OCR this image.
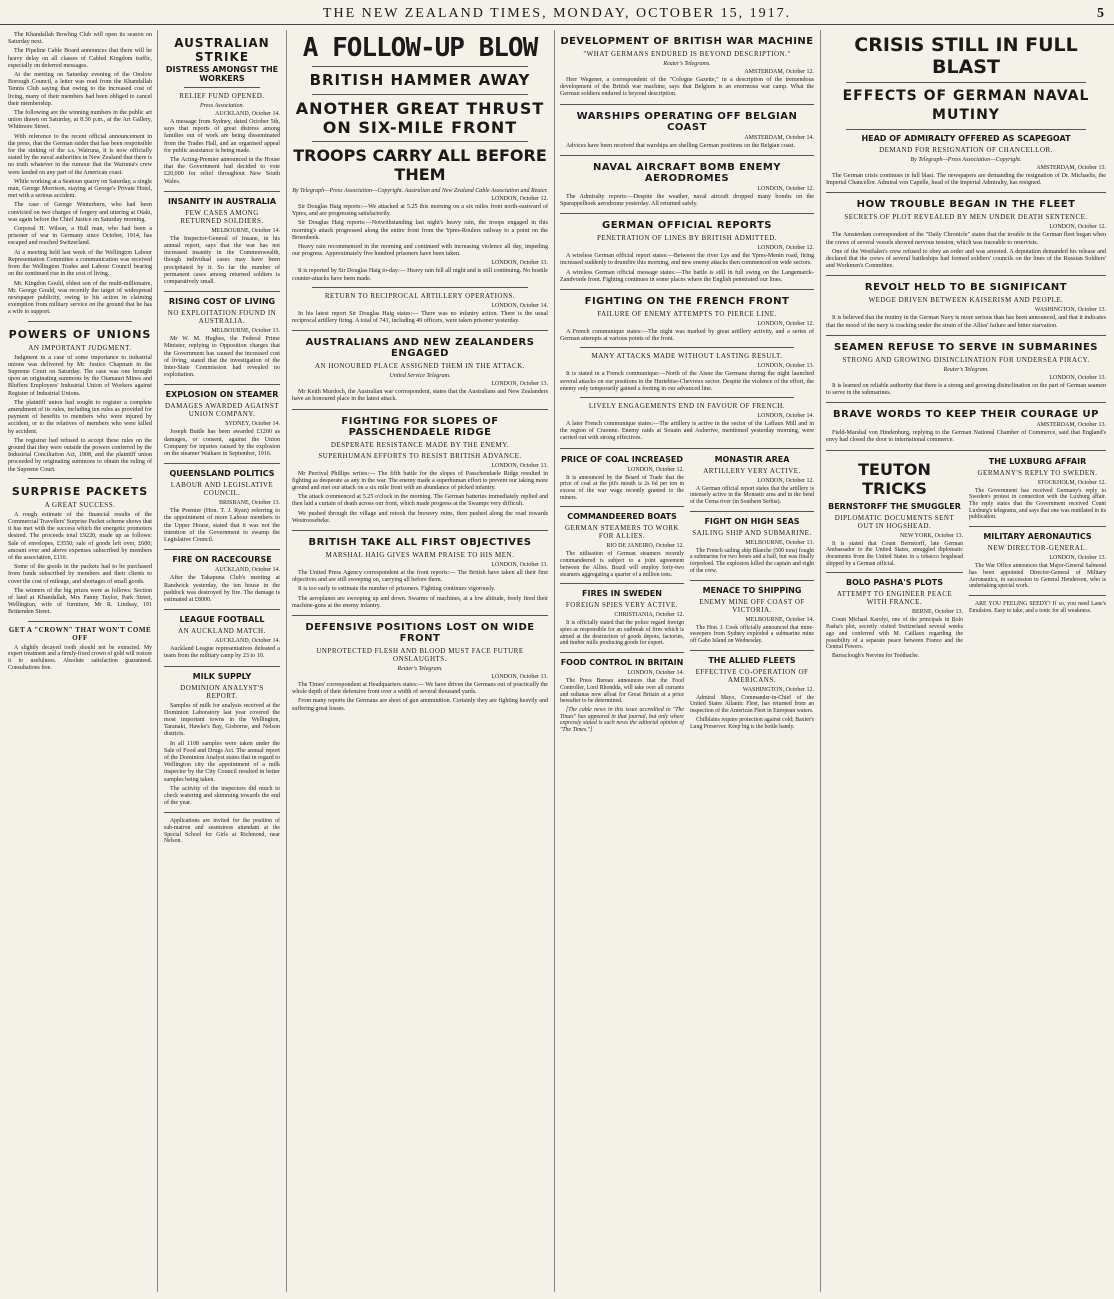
THE NEW ZEALAND TIMES, MONDAY, OCTOBER 15, 1917.	5

The Khandallah Bowling Club will open its season on Saturday next.

The Pipeline Cable Board announces that there will be heavy delay on all classes of Cabled Kingdom traffic, especially on deferred messages.

At the meeting on Saturday evening of the Onslow Borough Council, a letter was read from the Khandallah Tennis Club saying that owing to the increased cost of living, many of their members had been obliged to cancel their membership.

The following are the winning numbers in the public art union drawn on Saturday, at 8.30 p.m., at the Art Gallery, Whitmore Street.

With reference to the recent official announcement in the press, that the German raider that has been responsible for the sinking of the s.s. Wairuna, it is now officially stated by the naval authorities in New Zealand that there is no truth whatever in the rumour that the Wairuna's crew were landed on any part of the American coast.

While working at a Seatoun quarry on Saturday, a single man, George Morrison, staying at George's Private Hotel, met with a serious accident.

The case of George Winterburn, who had been convicted on two charges of forgery and uttering at Otaki, was again before the Chief Justice on Saturday morning.

Corporal H. Wilson, a Hull man, who had been a prisoner of war in Germany since October, 1914, has escaped and reached Switzerland.

At a meeting held last week of the Wellington Labour Representation Committee a communication was received from the Wellington Trades and Labour Council bearing on the continued rise in the cost of living.

Mr. Kingdon Gould, eldest son of the multi-millionaire, Mr. George Gould, was recently the target of widespread newspaper publicity, owing to his action in claiming exemption from military service on the ground that he has a wife to support.

POWERS OF UNIONS
AN IMPORTANT JUDGMENT.

Judgment in a case of some importance to industrial unions was delivered by Mr. Justice Chapman in the Supreme Court on Saturday. The case was one brought upon an originating summons by the Otamauri Mines and Bluffers Employees' Industrial Union of Workers against Register of Industrial Unions.

The plaintiff union had sought to register a complete amendment of its rules, including ten rules as provided for payment of benefits to members who were injured by accident, or to the relatives of members who were killed by accident.

The registrar had refused to accept these rules on the ground that they were outside the powers conferred by the Industrial Conciliation Act, 1908, and the plaintiff union proceeded by originating summons to obtain the ruling of the Supreme Court.

SURPRISE PACKETS
A GREAT SUCCESS.

A rough estimate of the financial results of the Commercial Travellers' Surprise Packet scheme shows that it has met with the success which the energetic promoters desired. The proceeds total £9220, made up as follows: Sale of envelopes, £3550; sale of goods left over, £600; amount over and above expenses subscribed by members of the association, £110.

Some of the goods in the packets had to be purchased from funds subscribed by members and their clients to cover the cost of mileage, and shortages of small goods.

The winners of the big prizes were as follows: Section of land at Khandallah, Mrs Fanny Taylor, Park Street, Wellington, wife of furniture, Mr R. Lindsay, 191 Brittenden Street.

GET A "CROWN" THAT WON'T COME OFF

A slightly decayed tooth should not be extracted. My expert treatment and a firmly-fixed crown of gold will restore it to usefulness. Absolute satisfaction guaranteed. Consultations free.

AUSTRALIAN STRIKE
DISTRESS AMONGST THE WORKERS
RELIEF FUND OPENED.
Press Association.
AUCKLAND, October 14.

A message from Sydney, dated October 5th, says that reports of great distress among families out of work are being disseminated from the Trades Hall, and an organised appeal for public assistance is being made.

The Acting-Premier announced in the House that the Government had decided to vote £20,000 for relief throughout New South Wales.

INSANITY IN AUSTRALIA
FEW CASES AMONG RETURNED SOLDIERS.
MELBOURNE, October 14.

The Inspector-General of Insane, in his annual report, says that the war has not increased insanity in the Commonwealth, though individual cases may have been precipitated by it. So far the number of permanent cases among returned soldiers is comparatively small.

RISING COST OF LIVING
NO EXPLOITATION FOUND IN AUSTRALIA.
MELBOURNE, October 13.

Mr W. M. Hughes, the Federal Prime Minister, replying to Opposition charges that the Government has caused the increased cost of living, stated that the investigation of the Inter-State Commission had revealed no exploitation.

EXPLOSION ON STEAMER
DAMAGES AWARDED AGAINST UNION COMPANY.
SYDNEY, October 14.

Joseph Buttle has been awarded £1200 as damages, or consent, against the Union Company for injuries caused by the explosion on the steamer Waikare in September, 1916.

QUEENSLAND POLITICS
LABOUR AND LEGISLATIVE COUNCIL.
BRISBANE, October 13.

The Premier (Hon. T. J. Ryan) referring to the appointment of more Labour members to the Upper House, stated that it was not the intention of the Government to swamp the Legislative Council.

FIRE ON RACECOURSE
AUCKLAND, October 14.

After the Takapuna Club's meeting at Randwick yesterday, the ten house in the paddock was destroyed by fire. The damage is estimated at £8000.

LEAGUE FOOTBALL
AN AUCKLAND MATCH.
AUCKLAND, October 14.

Auckland League representatives defeated a team from the military camp by 23 to 10.

MILK SUPPLY
DOMINION ANALYST'S REPORT.

Samples of milk for analysis received at the Dominion Laboratory last year covered the most important towns in the Wellington, Taranaki, Hawke's Bay, Gisborne, and Nelson districts.

In all 1108 samples were taken under the Sale of Food and Drugs Act. The annual report of the Dominion Analyst states that in regard to Wellington city the appointment of a milk inspector by the City Council resulted in better samples being taken.

The activity of the inspectors did much to check watering and skimming towards the end of the year.

Applications are invited for the position of sub-matron and seamstress attendant at the Special School for Girls at Richmond, near Nelson.

A FOLLOW-UP BLOW
BRITISH HAMMER AWAY
ANOTHER GREAT THRUST ON SIX-MILE FRONT
TROOPS CARRY ALL BEFORE THEM
By Telegraph—Press Association—Copyright. Australian and New Zealand Cable Association and Reuter.
LONDON, October 12.

Sir Douglas Haig reports:—We attacked at 5.25 this morning on a six miles front north-eastward of Ypres, and are progressing satisfactorily.

Sir Douglas Haig reports:—Notwithstanding last night's heavy rain, the troops engaged in this morning's attack progressed along the entire front from the Ypres-Roulers railway to a point on the Broenbeek.

Heavy rain recommenced in the morning and continued with increasing violence all day, impeding our progress. Approximately five hundred prisoners have been taken.

LONDON, October 13.

It is reported by Sir Douglas Haig to-day:— Heavy rain fell all night and is still continuing. No hostile counter-attacks have been made.

RETURN TO RECIPROCAL ARTILLERY OPERATIONS.
LONDON, October 14.

In his latest report Sir Douglas Haig states:— There was no infantry action. There is the usual reciprocal artillery firing. A total of 741, including 49 officers, were taken prisoner yesterday.

AUSTRALIANS AND NEW ZEALANDERS ENGAGED
AN HONOURED PLACE ASSIGNED THEM IN THE ATTACK.
United Service Telegram.
LONDON, October 13.

Mr Keith Murdoch, the Australian war correspondent, states that the Australians and New Zealanders have an honoured place in the latest attack.

FIGHTING FOR SLOPES OF PASSCHENDAELE RIDGE
DESPERATE RESISTANCE MADE BY THE ENEMY.
SUPERHUMAN EFFORTS TO RESIST BRITISH ADVANCE.
LONDON, October 13.

Mr Percival Phillips writes:— The fifth battle for the slopes of Passchendaele Ridge resulted in fighting as desperate as any in the war. The enemy made a superhuman effort to prevent our taking more ground and met our attack on a six mile front with an abundance of picked infantry.

The attack commenced at 5.25 o'clock in the morning. The German batteries immediately replied and then laid a curtain of death across our front, which made progress at the Swamps very difficult.

We pushed through the village and retook the brewery ruins, then pushed along the road towards Westroosebeke.

BRITISH TAKE ALL FIRST OBJECTIVES
MARSHAL HAIG GIVES WARM PRAISE TO HIS MEN.
LONDON, October 13.

The United Press Agency correspondent at the front reports:— The British have taken all their first objectives and are still sweeping on, carrying all before them.

It is too early to estimate the number of prisoners. Fighting continues vigorously.

The aeroplanes are swooping up and down. Swarms of machines, at a low altitude, freely fired their machine-guns at the enemy infantry.

DEFENSIVE POSITIONS LOST ON WIDE FRONT
UNPROTECTED FLESH AND BLOOD MUST FACE FUTURE ONSLAUGHTS.
Reuter's Telegram.
LONDON, October 13.

The Times' correspondent at Headquarters states:— We have driven the Germans out of practically the whole depth of their defensive front over a width of several thousand yards.

From many reports the Germans are short of gun ammunition. Certainly they are fighting heavily and suffering great losses.

DEVELOPMENT OF BRITISH WAR MACHINE
"WHAT GERMANS ENDURED IS BEYOND DESCRIPTION."
Reuter's Telegrams.
AMSTERDAM, October 12.

Herr Wegener, a correspondent of the "Cologne Gazette," in a description of the tremendous development of the British war machine, says that Belgium is an enormous war camp. What the German soldiers endured is beyond description.

WARSHIPS OPERATING OFF BELGIAN COAST
AMSTERDAM, October 14.

Advices have been received that warships are shelling German positions on the Belgian coast.

NAVAL AIRCRAFT BOMB ENEMY AERODROMES
LONDON, October 12.

The Admiralty reports:—Despite the weather, naval aircraft dropped many bombs on the Sparappelhoek aerodrome yesterday. All returned safely.

GERMAN OFFICIAL REPORTS
PENETRATION OF LINES BY BRITISH ADMITTED.
LONDON, October 12.

A wireless German official report states:—Between the river Lys and the Ypres-Menin road, firing increased suddenly to drumfire this morning, and new enemy attacks then commenced on wide sectors.

A wireless German official message states:—The battle is still in full swing on the Langemarck-Zandvorde front. Fighting continues in some places where the English penetrated our lines.

FIGHTING ON THE FRENCH FRONT
FAILURE OF ENEMY ATTEMPTS TO PIERCE LINE.
LONDON, October 12.

A French communique states:—The night was marked by great artillery activity, and a series of German attempts at various points of the front.

MANY ATTACKS MADE WITHOUT LASTING RESULT.
LONDON, October 13.

It is stated in a French communique:—North of the Aisne the Germans during the night launched several attacks on our positions in the Hurtebise-Chevreux sector. Despite the violence of the effort, the enemy only temporarily gained a footing in our advanced line.

LIVELY ENGAGEMENTS END IN FAVOUR OF FRENCH.
LONDON, October 14.

A later French communique states:—The artillery is active in the sector of the Laffaux Mill and in the region of Craonne. Enemy raids at Souain and Auberive, mentioned yesterday morning, were carried out with strong effectives.

PRICE OF COAL INCREASED
LONDON, October 12.

It is announced by the Board of Trade that the price of coal at the pit's mouth is 2s 6d per ton in excess of the war wage recently granted to the miners.

COMMANDEERED BOATS
GERMAN STEAMERS TO WORK FOR ALLIES.
RIO DE JANEIRO, October 12.

The utilisation of German steamers recently commandeered is subject to a joint agreement between the Allies. Brazil will employ forty-two steamers aggregating a quarter of a million tons.

FIRES IN SWEDEN
FOREIGN SPIES VERY ACTIVE.
CHRISTIANIA, October 12.

It is officially stated that the police regard foreign spies as responsible for an outbreak of fires which is aimed at the destruction of goods depots, factories, and timber mills producing goods for export.

FOOD CONTROL IN BRITAIN
LONDON, October 14.

The Press Bureau announces that the Food Controller, Lord Rhondda, will take over all currants and sultanas now afloat for Great Britain at a price hereafter to be determined.

[The cable news in this issue accredited to "The Times" has appeared in that journal, but only where expressly stated is such news the editorial opinion of "The Times."]

MONASTIR AREA
ARTILLERY VERY ACTIVE.
LONDON, October 12.

A German official report states that the artillery is intensely active in the Monastir area and in the bend of the Cerna river (in Southern Serbia).

FIGHT ON HIGH SEAS
SAILING SHIP AND SUBMARINE.
MELBOURNE, October 13.

The French sailing ship Blanche (500 tons) fought a submarine for two hours and a half, but was finally torpedoed. The explosion killed the captain and eight of the crew.

MENACE TO SHIPPING
ENEMY MINE OFF COAST OF VICTORIA.
MELBOURNE, October 14.

The Hon. J. Cook officially announced that mine-sweepers from Sydney exploded a submarine mine off Gabo Island on Wednesday.

THE ALLIED FLEETS
EFFECTIVE CO-OPERATION OF AMERICANS.
WASHINGTON, October 12.

Admiral Mayo, Commander-in-Chief of the United States Atlantic Fleet, has returned from an inspection of the American Fleet in European waters.

Chilblains require protection against cold; Baxter's Lung Preserver. Keep big is the bottle handy.

CRISIS STILL IN FULL BLAST
EFFECTS OF GERMAN NAVAL MUTINY
HEAD OF ADMIRALTY OFFERED AS SCAPEGOAT
DEMAND FOR RESIGNATION OF CHANCELLOR.
By Telegraph—Press Association—Copyright.
AMSTERDAM, October 13.

The German crisis continues in full blast. The newspapers are demanding the resignation of Dr. Michaelis, the Imperial Chancellor. Admiral von Capelle, head of the Imperial Admiralty, has resigned.

HOW TROUBLE BEGAN IN THE FLEET
SECRETS OF PLOT REVEALED BY MEN UNDER DEATH SENTENCE.
LONDON, October 12.

The Amsterdam correspondent of the "Daily Chronicle" states that the trouble in the German fleet began when the crews of several vessels showed nervous tension, which was traceable to reservists.

One of the Westfalen's crew refused to obey an order and was arrested. A deputation demanded his release and declared that the crews of several battleships had formed soldiers' councils on the lines of the Russian Soldiers' and Workmen's Committee.

REVOLT HELD TO BE SIGNIFICANT
WEDGE DRIVEN BETWEEN KAISERISM AND PEOPLE.
WASHINGTON, October 13.

It is believed that the mutiny in the German Navy is more serious than has been announced, and that it indicates that the mood of the navy is cracking under the strain of the Allies' failure and bitter starvation.

SEAMEN REFUSE TO SERVE IN SUBMARINES
STRONG AND GROWING DISINCLINATION FOR UNDERSEA PIRACY.
Reuter's Telegram.
LONDON, October 13.

It is learned on reliable authority that there is a strong and growing disinclination on the part of German seamen to serve in the submarines.

BRAVE WORDS TO KEEP THEIR COURAGE UP
AMSTERDAM, October 13.

Field-Marshal von Hindenburg, replying to the German National Chamber of Commerce, said that England's envy had closed the door to international commerce.

TEUTON TRICKS
BERNSTORFF THE SMUGGLER
DIPLOMATIC DOCUMENTS SENT OUT IN HOGSHEAD.
NEW YORK, October 13.

It is stated that Count Bernstorff, late German Ambassador to the United States, smuggled diplomatic documents from the United States in a tobacco hogshead shipped by a German official.

BOLO PASHA'S PLOTS
ATTEMPT TO ENGINEER PEACE WITH FRANCE.
BERNE, October 13.

Count Michael Karolyi, one of the principals in Bolo Pasha's plot, secretly visited Switzerland several weeks ago and conferred with M. Caillaux regarding the possibility of a separate peace between France and the Central Powers.

Barraclough's Nervine for Toothache.

THE LUXBURG AFFAIR
GERMANY'S REPLY TO SWEDEN.
STOCKHOLM, October 12.

The Government has received Germany's reply to Sweden's protest in connection with the Luxburg affair. The reply states that the Government received Count Luxburg's telegrams, and says that one was mutilated in its publication.

MILITARY AERONAUTICS
NEW DIRECTOR-GENERAL.
LONDON, October 13.

The War Office announces that Major-General Salmond has been appointed Director-General of Military Aeronautics, in succession to General Henderson, who is undertaking special work.

ARE YOU FEELING SEEDY? If so, you need Lane's Emulsion. Easy to take, and a tonic for all weakness.
